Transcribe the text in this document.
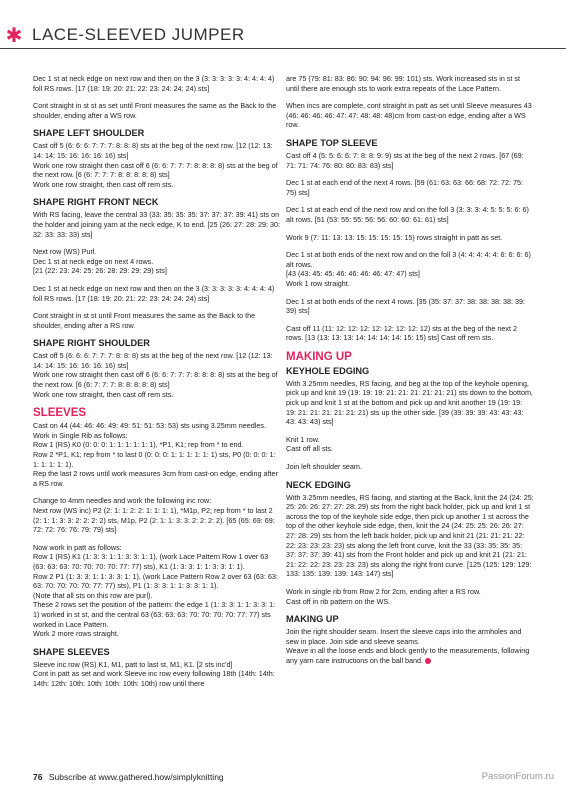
✱ LACE-SLEEVED JUMPER
Dec 1 st at neck edge on next row and then on the 3 (3: 3: 3: 3: 3: 4: 4: 4: 4) foll RS rows. [17 (18: 19: 20: 21: 22: 23: 24: 24: 24) sts]
Cont straight in st st as set until Front measures the same as the Back to the shoulder, ending after a WS row.
SHAPE LEFT SHOULDER
Cast off 5 (6: 6: 6: 7: 7: 7: 8: 8: 8) sts at the beg of the next row. [12 (12: 13: 14: 14: 15: 16: 16: 16: 16) sts]
Work one row straight then cast off 6 (6: 6: 7: 7: 7: 8: 8: 8: 8) sts at the beg of the next row. [6 (6: 7: 7: 7: 8: 8: 8: 8: 8) sts]
Work one row straight, then cast off rem sts.
SHAPE RIGHT FRONT NECK
With RS facing, leave the central 33 (33: 35: 35: 35: 37: 37: 37: 39: 41) sts on the holder and joining yarn at the neck edge, K to end. [25 (26: 27: 28: 29: 30: 32: 33: 33: 33) sts]
Next row (WS) Purl.
Dec 1 st at neck edge on next 4 rows.
[21 (22: 23: 24: 25: 26: 28: 29: 29: 29) sts]
Dec 1 st at neck edge on next row and then on the 3 (3: 3: 3: 3: 3: 4: 4: 4: 4) foll RS rows. [17 (18: 19: 20: 21: 22: 23: 24: 24: 24) sts]
Cont straight in st st until Front measures the same as the Back to the shoulder, ending after a RS row.
SHAPE RIGHT SHOULDER
Cast off 5 (6: 6: 6: 7: 7: 7: 8: 8: 8) sts at the beg of the next row. [12 (12: 13: 14: 14: 15: 16: 16: 16: 16) sts]
Work one row straight then cast off 6 (6: 6: 7: 7: 7: 8: 8: 8: 8) sts at the beg of the next row. [6 (6: 7: 7: 7: 8: 8: 8: 8: 8) sts]
Work one row straight, then cast off rem sts.
SLEEVES
Cast on 44 (44: 46: 46: 49: 49: 51: 51: 53: 53) sts using 3.25mm needles.
Work in Single Rib as follows:
Row 1 (RS) K0 (0: 0: 0: 1: 1: 1: 1: 1: 1), *P1, K1; rep from * to end.
Row 2 *P1, K1; rep from * to last 0 (0: 0: 0: 1: 1: 1: 1: 1: 1) sts, P0 (0: 0: 0: 1: 1: 1: 1: 1: 1).
Rep the last 2 rows until work measures 3cm from cast-on edge, ending after a RS row.
Change to 4mm needles and work the following inc row:
Next row (WS inc) P2 (2: 1: 1: 2: 2: 1: 1: 1: 1), *M1p, P2; rep from * to last 2 (2: 1: 1: 3: 3: 2: 2: 2: 2) sts, M1p, P2 (2: 1: 1: 3: 3: 2: 2: 2: 2). [65 (65: 69: 69: 72: 72: 76: 76: 79: 79) sts]
Now work in patt as follows:
Row 1 (RS) K1 (1: 3: 3: 1: 1: 3: 3: 1: 1), (work Lace Pattern Row 1 over 63 (63: 63: 63: 70: 70: 70: 70: 77: 77) sts), K1 (1: 3: 3: 1: 1: 3: 3: 1: 1).
Row 2 P1 (1: 3: 3: 1: 1: 3: 3: 1: 1), (work Lace Pattern Row 2 over 63 (63: 63: 63: 70: 70: 70: 70: 77: 77) sts), P1 (1: 3: 3: 1: 1: 3: 3: 1: 1).
(Note that all sts on this row are purl).
These 2 rows set the position of the pattern: the edge 1 (1: 3: 3: 1: 1: 3: 3: 1: 1) worked in st st, and the central 63 (63: 63: 63: 70: 70: 70: 70: 77: 77) sts worked in Lace Pattern.
Work 2 more rows straight.
SHAPE SLEEVES
Sleeve inc row (RS) K1, M1, patt to last st, M1, K1. [2 sts inc'd]
Cont in patt as set and work Sleeve inc row every following 18th (14th: 14th: 14th: 12th: 10th: 10th: 10th: 10th: 10th) row until there
are 75 (79: 81: 83: 86: 90: 94: 96: 99: 101) sts. Work increased sts in st st until there are enough sts to work extra repeats of the Lace Pattern.
When incs are complete, cont straight in patt as set until Sleeve measures 43 (46: 46: 46: 46: 47: 47: 48: 48: 48)cm from cast-on edge, ending after a WS row.
SHAPE TOP SLEEVE
Cast off 4 (5: 5: 6: 6: 7: 8: 8: 9: 9) sts at the beg of the next 2 rows. [67 (69: 71: 71: 74: 76: 80: 80: 83: 83) sts]
Dec 1 st at each end of the next 4 rows. [59 (61: 63: 63: 66: 68: 72: 72: 75: 75) sts]
Dec 1 st at each end of the next row and on the foll 3 (3: 3: 3: 4: 5: 5: 5: 6: 6) alt rows. [51 (53: 55: 55: 56: 56: 60: 60: 61: 61) sts]
Work 9 (7: 11: 13: 13: 15: 15: 15: 15: 15) rows straight in patt as set.
Dec 1 st at both ends of the next row and on the foll 3 (4: 4: 4: 4: 4: 6: 6: 6: 6) alt rows.
[43 (43: 45: 45: 46: 46: 46: 46: 47: 47) sts]
Work 1 row straight.
Dec 1 st at both ends of the next 4 rows. [35 (35: 37: 37: 38: 38: 38: 38: 39: 39) sts]
Cast off 11 (11: 12: 12: 12: 12: 12: 12: 12: 12) sts at the beg of the next 2 rows. [13 (13: 13: 13: 14: 14: 14: 14: 15: 15) sts] Cast off rem sts.
MAKING UP
KEYHOLE EDGING
With 3.25mm needles, RS facing, and beg at the top of the keyhole opening, pick up and knit 19 (19: 19: 19: 21: 21: 21: 21: 21: 21) sts down to the bottom, pick up and knit 1 st at the bottom and pick up and knit another 19 (19: 19: 19: 21: 21: 21: 21: 21: 21) sts up the other side. [39 (39: 39: 39: 43: 43: 43: 43: 43: 43) sts]
Knit 1 row.
Cast off all sts.
Join left shoulder seam.
NECK EDGING
With 3.25mm needles, RS facing, and starting at the Back, knit the 24 (24: 25: 25: 26: 26: 27: 27: 28: 29) sts from the right back holder, pick up and knit 1 st across the top of the keyhole side edge, then pick up another 1 st across the top of the other keyhole side edge, then, knit the 24 (24: 25: 25: 26: 26: 27: 27: 28: 29) sts from the left back holder, pick up and knit 21 (21: 21: 21: 22: 22: 23: 23: 23: 23) sts along the left front curve, knit the 33 (33: 35: 35: 35: 37: 37: 37: 39: 41) sts from the Front holder and pick up and knit 21 (21: 21: 21: 22: 22: 23: 23: 23: 23) sts along the right front curve. [125 (125: 129: 129: 133: 135: 139: 139: 143: 147) sts]
Work in single rib from Row 2 for 2cm, ending after a RS row.
Cast off in rib pattern on the WS.
MAKING UP
Join the right shoulder seam. Insert the sleeve caps into the armholes and sew in place. Join side and sleeve seams.
Weave in all the loose ends and block gently to the measurements, following any yarn care instructions on the ball band.
76 Subscribe at www.gathered.how/simplyknitting	PassionForum.ru
